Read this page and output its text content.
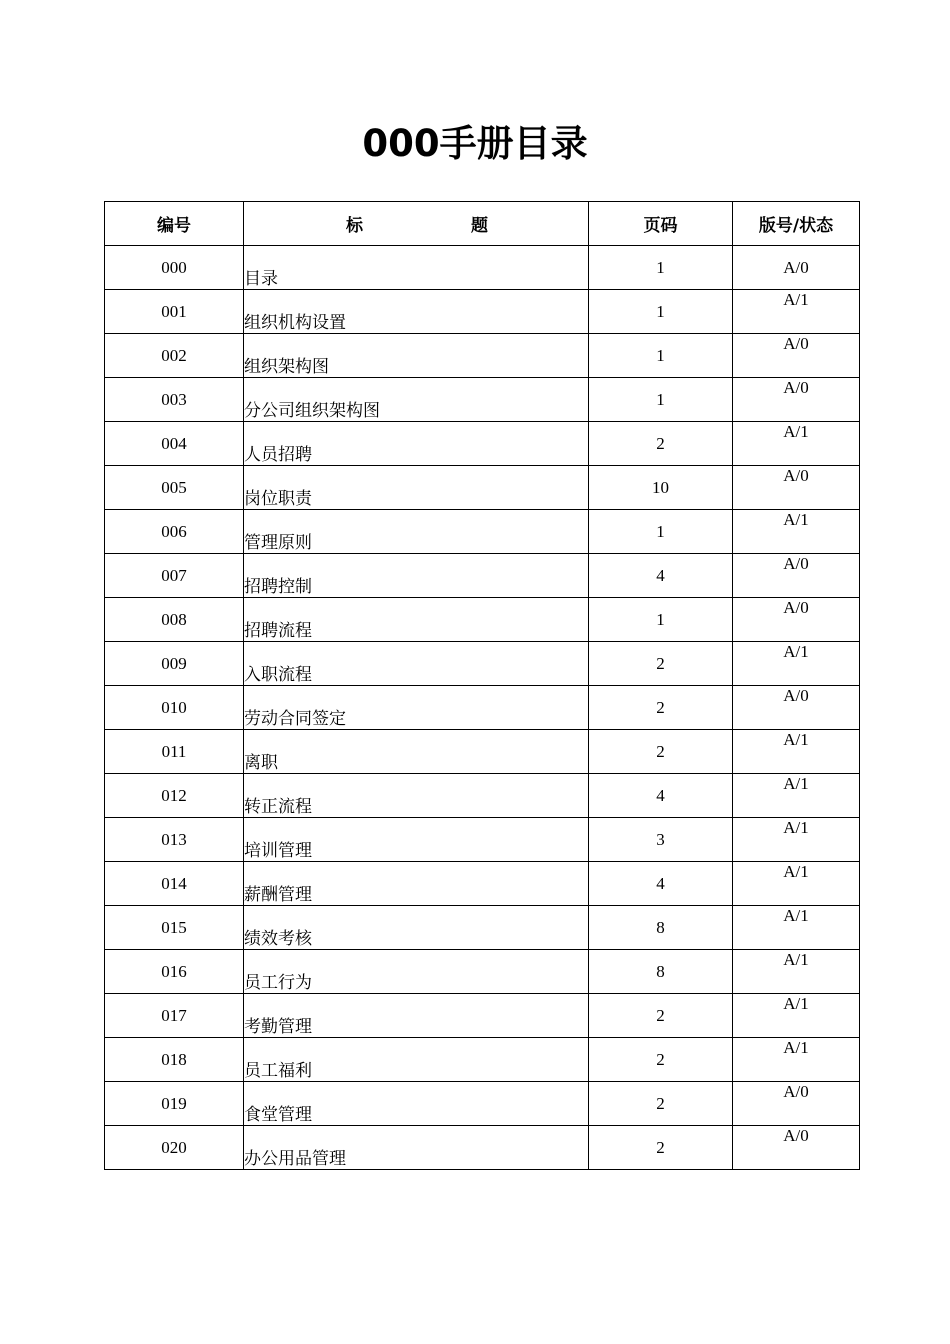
000手册目录
编号	标 题	页码	版号/状态
000	目录	1	A/0
001	组织机构设置	1	A/1
002	组织架构图	1	A/0
003	分公司组织架构图	1	A/0
004	人员招聘	2	A/1
005	岗位职责	10	A/0
006	管理原则	1	A/1
007	招聘控制	4	A/0
008	招聘流程	1	A/0
009	入职流程	2	A/1
010	劳动合同签定	2	A/0
011	离职	2	A/1
012	转正流程	4	A/1
013	培训管理	3	A/1
014	薪酬管理	4	A/1
015	绩效考核	8	A/1
016	员工行为	8	A/1
017	考勤管理	2	A/1
018	员工福利	2	A/1
019	食堂管理	2	A/0
020	办公用品管理	2	A/0
